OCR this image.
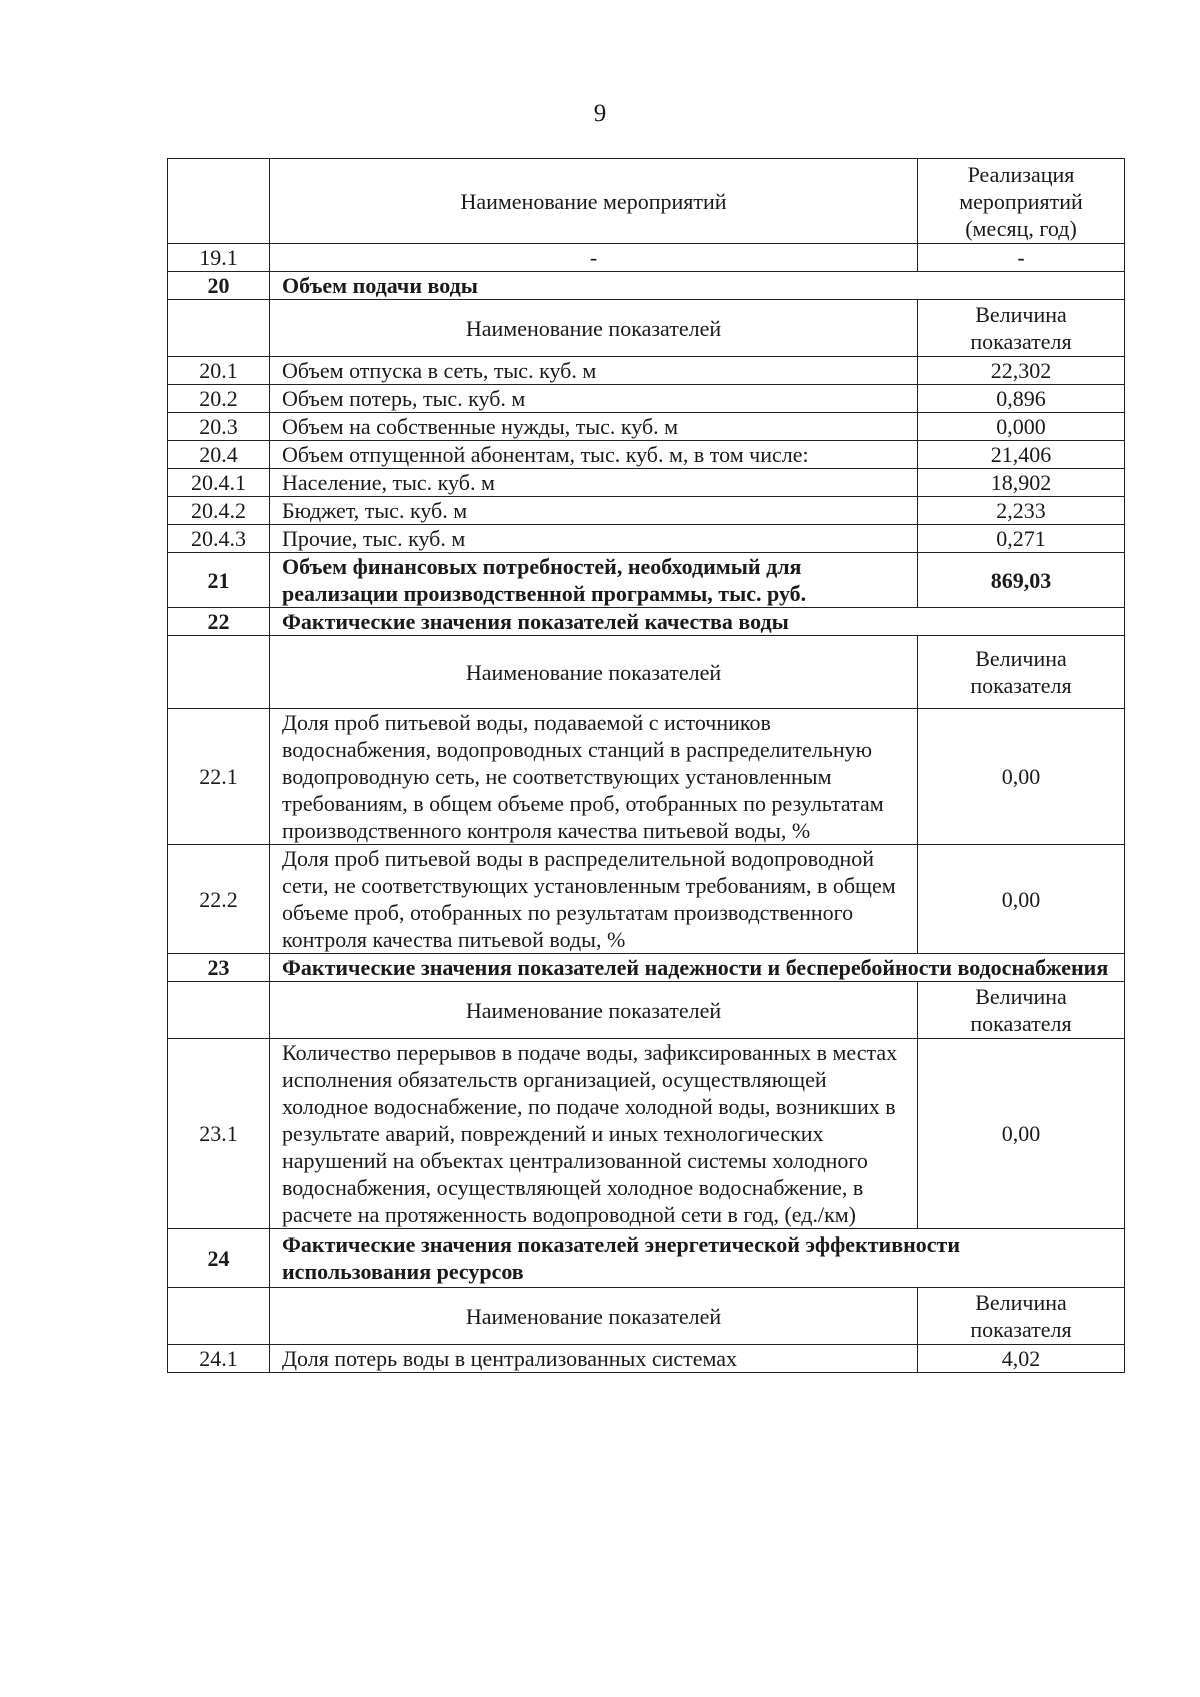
9
	Наименование мероприятий	Реализация мероприятий (месяц, год)
19.1	-	-
20	Объем подачи воды	
	Наименование показателей	Величина показателя
20.1	Объем отпуска в сеть, тыс. куб. м	22,302
20.2	Объем потерь, тыс. куб. м	0,896
20.3	Объем на собственные нужды, тыс. куб. м	0,000
20.4	Объем отпущенной абонентам, тыс. куб. м, в том числе:	21,406
20.4.1	Население, тыс. куб. м	18,902
20.4.2	Бюджет, тыс. куб. м	2,233
20.4.3	Прочие, тыс. куб. м	0,271
21	Объем финансовых потребностей, необходимый для реализации производственной программы, тыс. руб.	869,03
22	Фактические значения показателей качества воды	
	Наименование показателей	Величина показателя
22.1	Доля проб питьевой воды, подаваемой с источников водоснабжения, водопроводных станций в распределительную водопроводную сеть, не соответствующих установленным требованиям, в общем объеме проб, отобранных по результатам производственного контроля качества питьевой воды, %	0,00
22.2	Доля проб питьевой воды в распределительной водопроводной сети, не соответствующих установленным требованиям, в общем объеме проб, отобранных по результатам производственного контроля качества питьевой воды, %	0,00
23	Фактические значения показателей надежности и бесперебойности водоснабжения	
	Наименование показателей	Величина показателя
23.1	Количество перерывов в подаче воды, зафиксированных в местах исполнения обязательств организацией, осуществляющей холодное водоснабжение, по подаче холодной воды, возникших в результате аварий, повреждений и иных технологических нарушений на объектах централизованной системы холодного водоснабжения, осуществляющей холодное водоснабжение, в расчете на протяженность водопроводной сети в год, (ед./км)	0,00
24	Фактические значения показателей энергетической эффективности использования ресурсов	
	Наименование показателей	Величина показателя
24.1	Доля потерь воды в централизованных системах	4,02
